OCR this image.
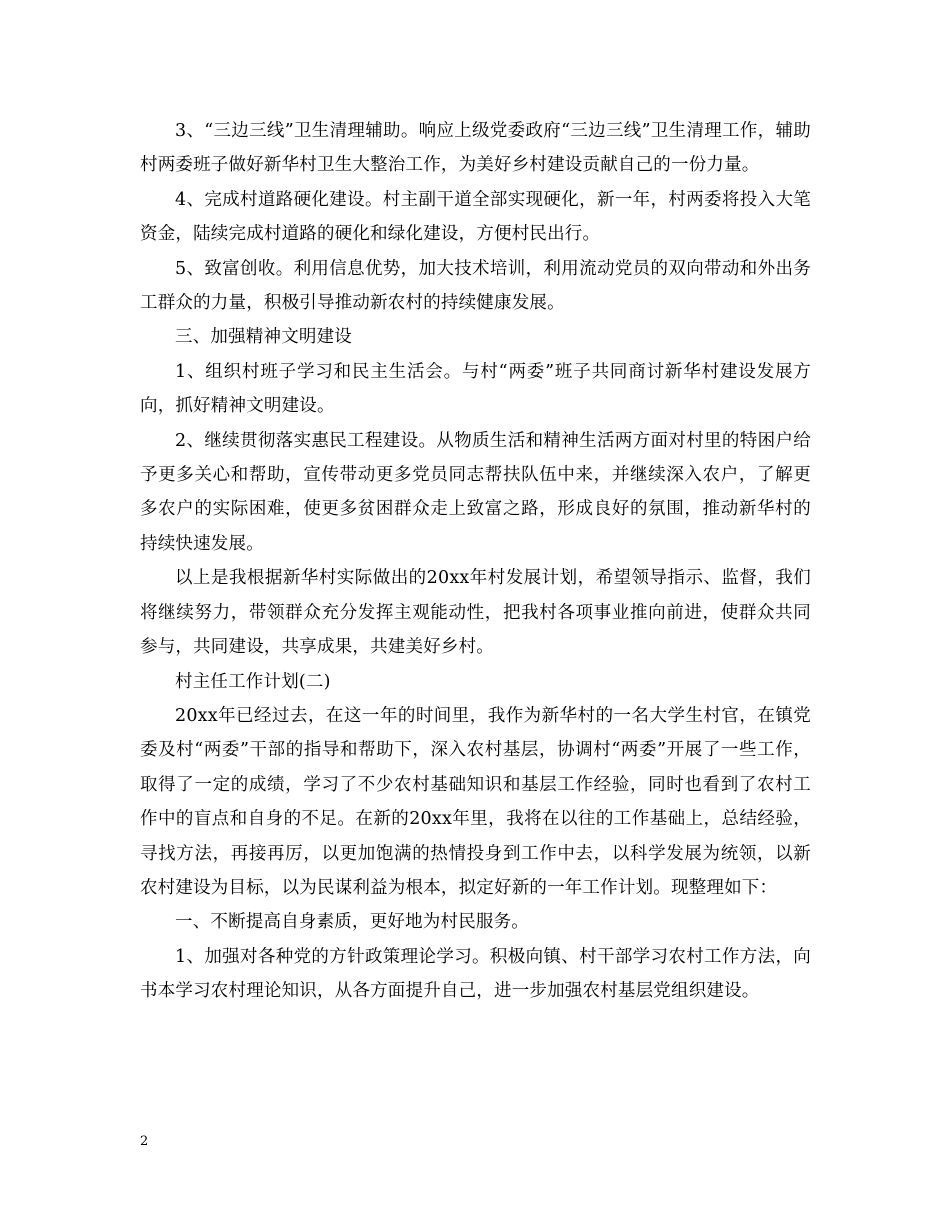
3、“三边三线”卫生清理辅助。响应上级党委政府“三边三线”卫生清理工作，辅助村两委班子做好新华村卫生大整治工作，为美好乡村建设贡献自己的一份力量。

4、完成村道路硬化建设。村主副干道全部实现硬化，新一年，村两委将投入大笔资金，陆续完成村道路的硬化和绿化建设，方便村民出行。

5、致富创收。利用信息优势，加大技术培训，利用流动党员的双向带动和外出务工群众的力量，积极引导推动新农村的持续健康发展。

三、加强精神文明建设

1、组织村班子学习和民主生活会。与村“两委”班子共同商讨新华村建设发展方向，抓好精神文明建设。

2、继续贯彻落实惠民工程建设。从物质生活和精神生活两方面对村里的特困户给予更多关心和帮助，宣传带动更多党员同志帮扶队伍中来，并继续深入农户，了解更多农户的实际困难，使更多贫困群众走上致富之路，形成良好的氛围，推动新华村的持续快速发展。

以上是我根据新华村实际做出的20xx年村发展计划，希望领导指示、监督，我们将继续努力，带领群众充分发挥主观能动性，把我村各项事业推向前进，使群众共同参与，共同建设，共享成果，共建美好乡村。

村主任工作计划(二)

20xx年已经过去，在这一年的时间里，我作为新华村的一名大学生村官，在镇党委及村“两委”干部的指导和帮助下，深入农村基层，协调村“两委”开展了一些工作，取得了一定的成绩，学习了不少农村基础知识和基层工作经验，同时也看到了农村工作中的盲点和自身的不足。在新的20xx年里，我将在以往的工作基础上，总结经验，寻找方法，再接再厉，以更加饱满的热情投身到工作中去，以科学发展为统领，以新农村建设为目标，以为民谋利益为根本，拟定好新的一年工作计划。现整理如下：

一、不断提高自身素质，更好地为村民服务。

1、加强对各种党的方针政策理论学习。积极向镇、村干部学习农村工作方法，向书本学习农村理论知识，从各方面提升自己，进一步加强农村基层党组织建设。

2
